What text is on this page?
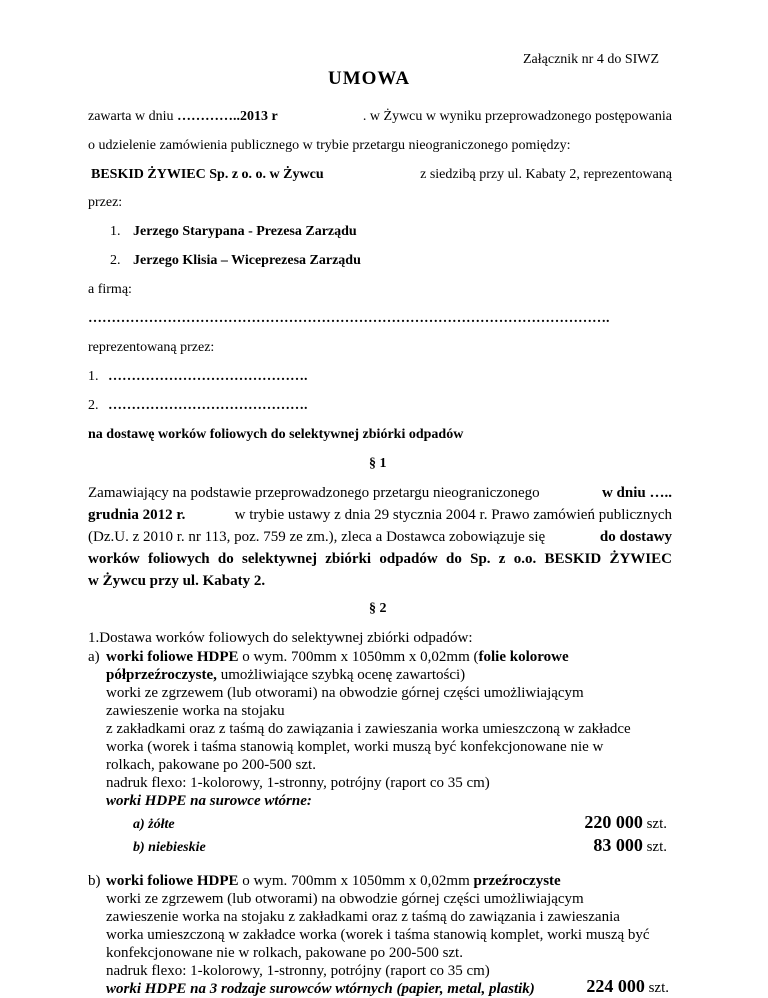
Załącznik nr 4 do SIWZ
UMOWA
zawarta w dniu …………..2013 r	. w Żywcu w wyniku przeprowadzonego postępowania
o udzielenie zamówienia publicznego w trybie przetargu nieograniczonego pomiędzy:
BESKID ŻYWIEC Sp. z o. o. w Żywcu	z siedzibą przy ul. Kabaty 2, reprezentowaną
przez:
1. Jerzego Starypana - Prezesa Zarządu
2. Jerzego Klisia – Wiceprezesa Zarządu
a firmą:
………………………………………………………………………………………………….
reprezentowaną przez:
1. …………………………………….
2. …………………………………….
na dostawę worków foliowych do selektywnej zbiórki odpadów
§ 1
Zamawiający na podstawie przeprowadzonego przetargu nieograniczonego	w dniu …..
grudnia 2012 r.	w trybie ustawy z dnia 29 stycznia 2004 r. Prawo zamówień publicznych
(Dz.U. z 2010 r. nr 113, poz. 759 ze zm.), zleca a Dostawca zobowiązuje się	do dostawy
worków foliowych do selektywnej zbiórki odpadów do Sp. z o.o. BESKID ŻYWIEC
w Żywcu przy ul. Kabaty 2.
§ 2
1.Dostawa worków foliowych do selektywnej zbiórki odpadów:
a) worki foliowe HDPE o wym. 700mm x 1050mm x 0,02mm (folie kolorowe
półprzeźroczyste, umożliwiające szybką ocenę zawartości)
worki ze zgrzewem (lub otworami) na obwodzie górnej części umożliwiającym
zawieszenie worka na stojaku
z zakładkami oraz z taśmą do zawiązania i zawieszania worka umieszczoną w zakładce
worka (worek i taśma stanowią komplet, worki muszą być konfekcjonowane nie w
rolkach, pakowane po 200-500 szt.
nadruk flexo: 1-kolorowy, 1-stronny, potrójny (raport co 35 cm)
worki HDPE na surowce wtórne:
a) żółte	220 000 szt.
b) niebieskie	83 000 szt.
b) worki foliowe HDPE o wym. 700mm x 1050mm x 0,02mm przeźroczyste
worki ze zgrzewem (lub otworami) na obwodzie górnej części umożliwiającym
zawieszenie worka na stojaku z zakładkami oraz z taśmą do zawiązania i zawieszania
worka umieszczoną w zakładce worka (worek i taśma stanowią komplet, worki muszą być
konfekcjonowane nie w rolkach, pakowane po 200-500 szt.
nadruk flexo: 1-kolorowy, 1-stronny, potrójny (raport co 35 cm)
worki HDPE na 3 rodzaje surowców wtórnych (papier, metal, plastik)	224 000 szt.
